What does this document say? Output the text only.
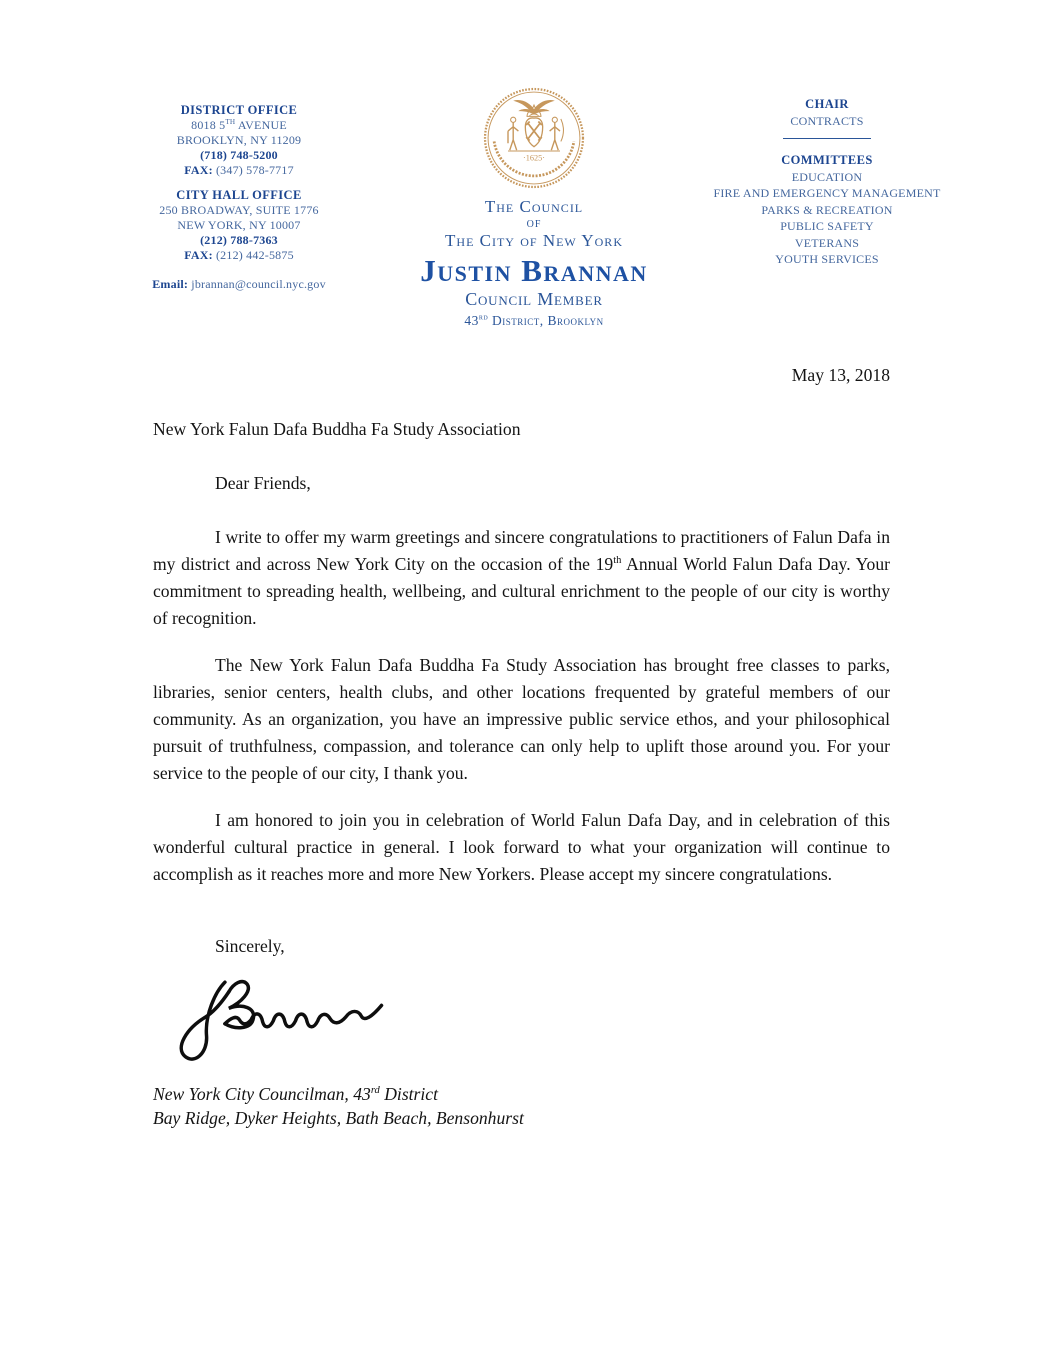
DISTRICT OFFICE
8018 5TH AVENUE
BROOKLYN, NY 11209
(718) 748-5200
FAX: (347) 578-7717
CITY HALL OFFICE
250 BROADWAY, SUITE 1776
NEW YORK, NY 10007
(212) 788-7363
FAX: (212) 442-5875
Email: jbrannan@council.nyc.gov
·1625·
The Council
of
The City of New York
Justin Brannan
Council Member
43rd District, Brooklyn
CHAIR
CONTRACTS
COMMITTEES
EDUCATION
FIRE AND EMERGENCY MANAGEMENT
PARKS & RECREATION
PUBLIC SAFETY
VETERANS
YOUTH SERVICES
May 13, 2018
New York Falun Dafa Buddha Fa Study Association
Dear Friends,

I write to offer my warm greetings and sincere congratulations to practitioners of Falun Dafa in my district and across New York City on the occasion of the 19th Annual World Falun Dafa Day. Your commitment to spreading health, wellbeing, and cultural enrichment to the people of our city is worthy of recognition.

The New York Falun Dafa Buddha Fa Study Association has brought free classes to parks, libraries, senior centers, health clubs, and other locations frequented by grateful members of our community. As an organization, you have an impressive public service ethos, and your philosophical pursuit of truthfulness, compassion, and tolerance can only help to uplift those around you. For your service to the people of our city, I thank you.

I am honored to join you in celebration of World Falun Dafa Day, and in celebration of this wonderful cultural practice in general. I look forward to what your organization will continue to accomplish as it reaches more and more New Yorkers. Please accept my sincere congratulations.

Sincerely,
New York City Councilman, 43rd District
Bay Ridge, Dyker Heights, Bath Beach, Bensonhurst
